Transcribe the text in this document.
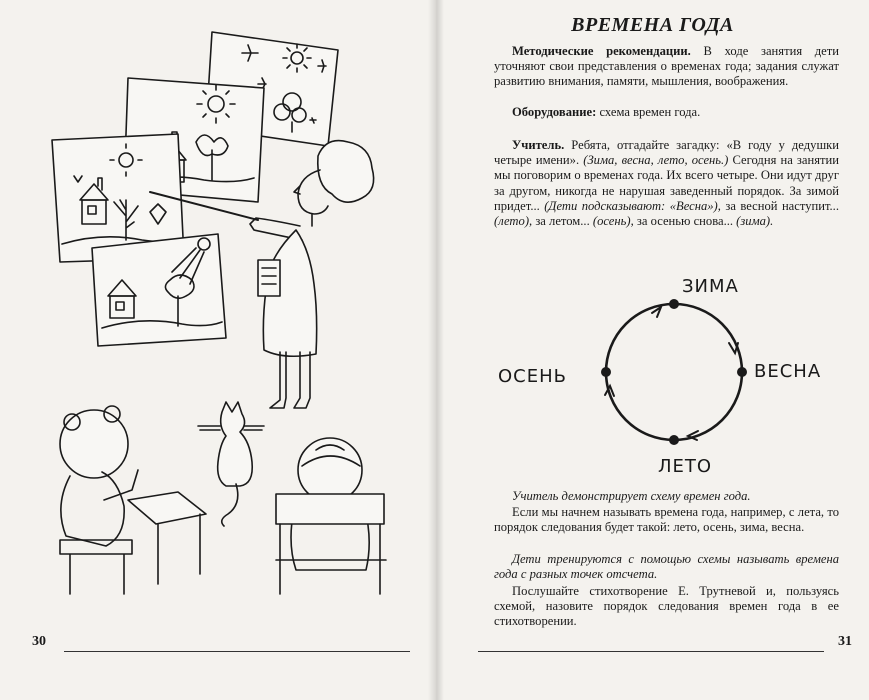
30
ВРЕМЕНА ГОДА
Методические рекомендации. В ходе занятия дети уточняют свои представления о временах года; задания служат развитию внимания, памяти, мышления, воображения.
Оборудование: схема времен года.
Учитель. Ребята, отгадайте загадку: «В году у дедушки четыре имени». (Зима, весна, лето, осень.) Сегодня на занятии мы поговорим о временах года. Их всего четыре. Они идут друг за другом, никогда не нарушая заведенный порядок. За зимой придет... (Дети подсказывают: «Весна»), за весной наступит... (лето), за летом... (осень), за осенью снова... (зима).
ЗИМА
ВЕСНА
ЛЕТО
ОСЕНЬ
Учитель демонстрирует схему времен года.
Если мы начнем называть времена года, например, с лета, то порядок следования будет такой: лето, осень, зима, весна.
Дети тренируются с помощью схемы называть времена года с разных точек отсчета.
Послушайте стихотворение Е. Трутневой и, пользуясь схемой, назовите порядок следования времен года в ее стихотворении.
31
